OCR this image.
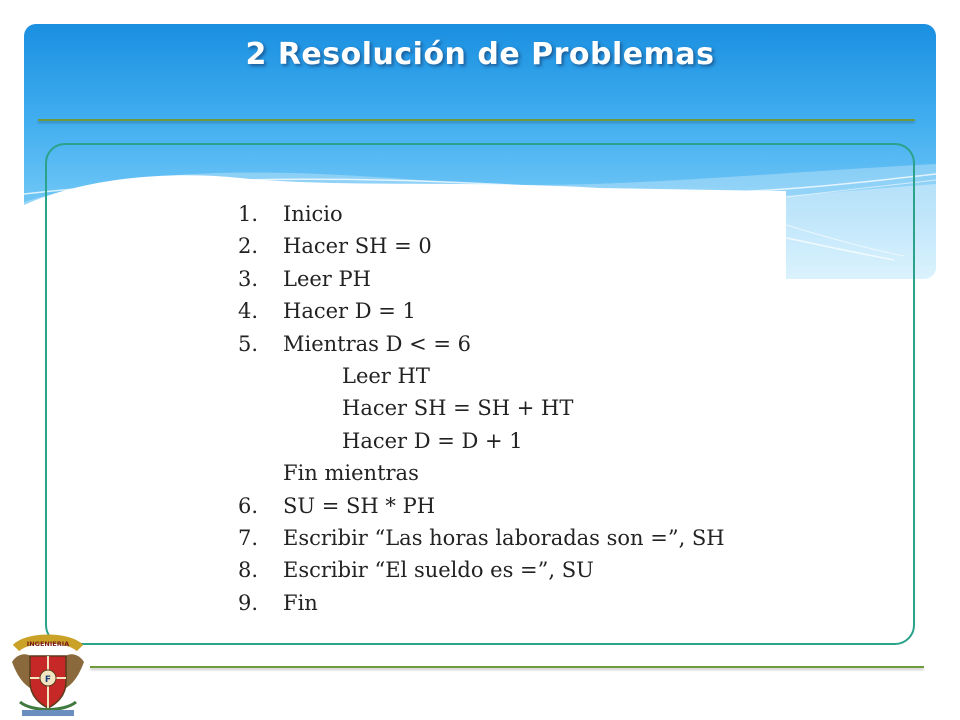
2 Resolución de Problemas
1. Inicio
2. Hacer SH = 0
3. Leer PH
4. Hacer D = 1
5. Mientras D < = 6
Leer HT
Hacer SH = SH + HT
Hacer D = D + 1
Fin mientras
6. SU = SH * PH
7. Escribir “Las horas laboradas son =”, SH
8. Escribir “El sueldo es =”, SU
9. Fin
INGENIERIA
F
